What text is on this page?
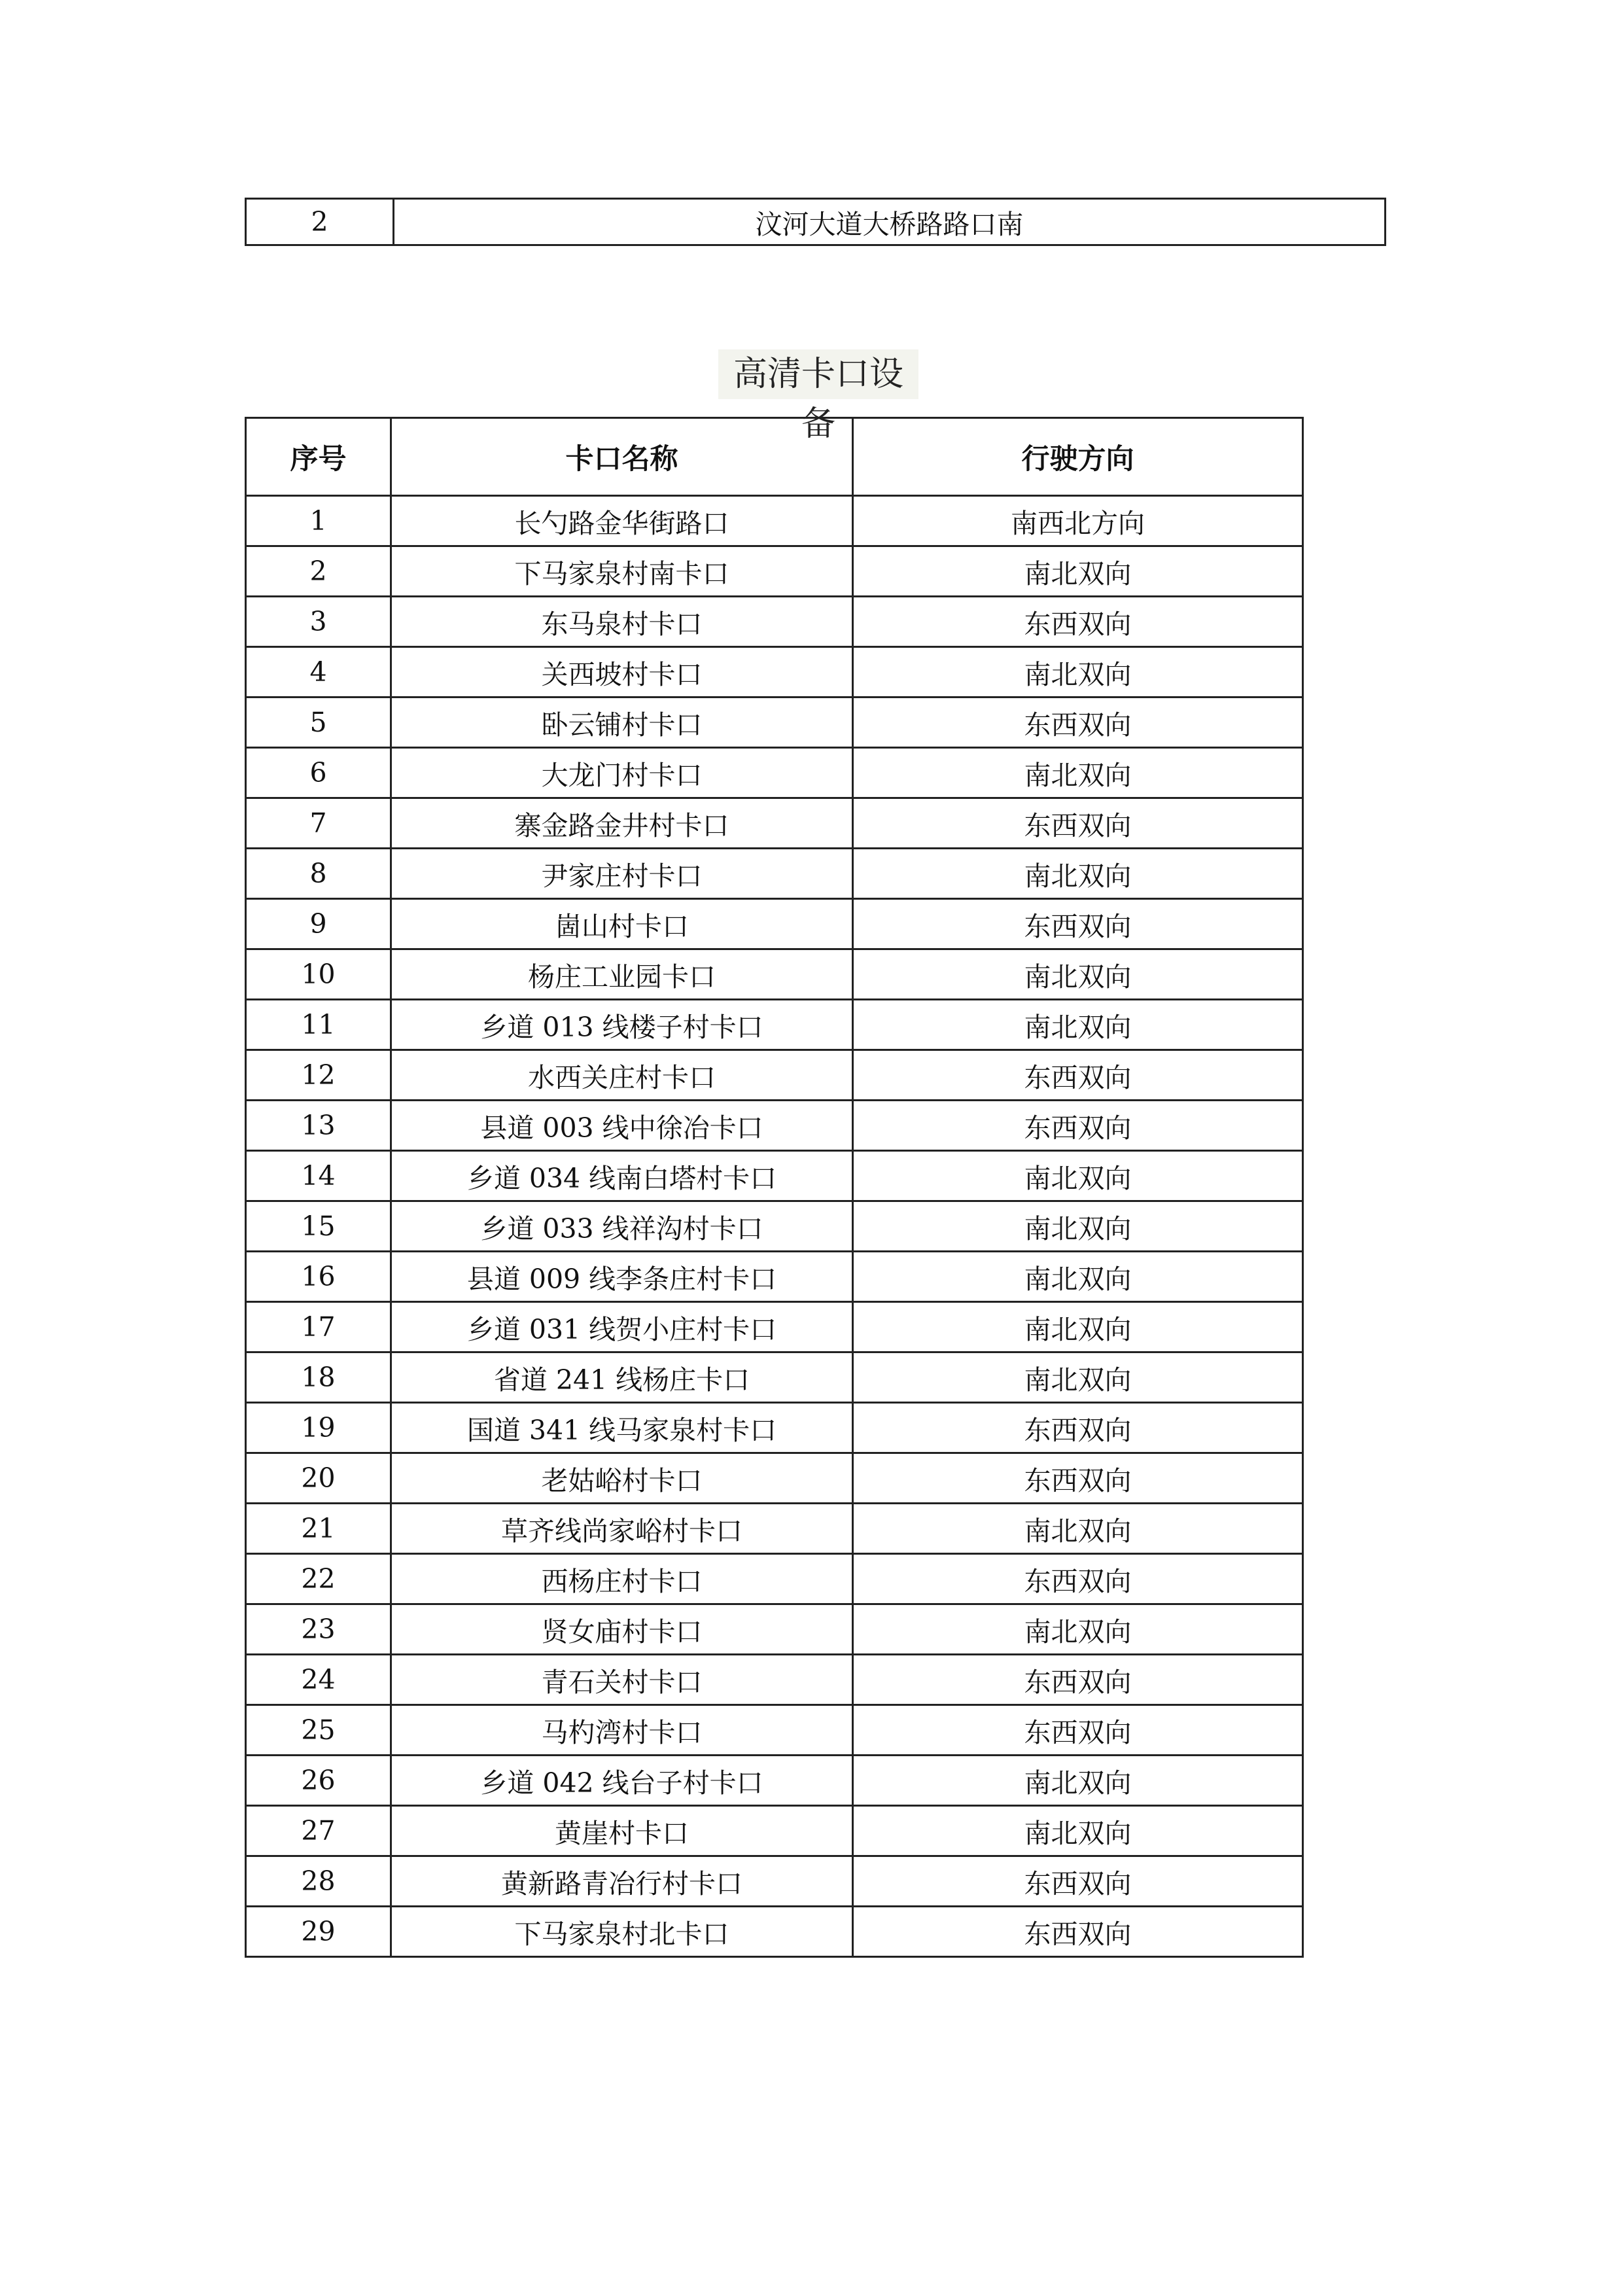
2	汶河大道大桥路路口南
高清卡口设备
序号	卡口名称	行驶方向
1	长勺路金华街路口	南西北方向
2	下马家泉村南卡口	南北双向
3	东马泉村卡口	东西双向
4	关西坡村卡口	南北双向
5	卧云铺村卡口	东西双向
6	大龙门村卡口	南北双向
7	寨金路金井村卡口	东西双向
8	尹家庄村卡口	南北双向
9	崮山村卡口	东西双向
10	杨庄工业园卡口	南北双向
11	乡道 013 线楼子村卡口	南北双向
12	水西关庄村卡口	东西双向
13	县道 003 线中徐冶卡口	东西双向
14	乡道 034 线南白塔村卡口	南北双向
15	乡道 033 线祥沟村卡口	南北双向
16	县道 009 线李条庄村卡口	南北双向
17	乡道 031 线贺小庄村卡口	南北双向
18	省道 241 线杨庄卡口	南北双向
19	国道 341 线马家泉村卡口	东西双向
20	老姑峪村卡口	东西双向
21	草齐线尚家峪村卡口	南北双向
22	西杨庄村卡口	东西双向
23	贤女庙村卡口	南北双向
24	青石关村卡口	东西双向
25	马杓湾村卡口	东西双向
26	乡道 042 线台子村卡口	南北双向
27	黄崖村卡口	南北双向
28	黄新路青冶行村卡口	东西双向
29	下马家泉村北卡口	东西双向
